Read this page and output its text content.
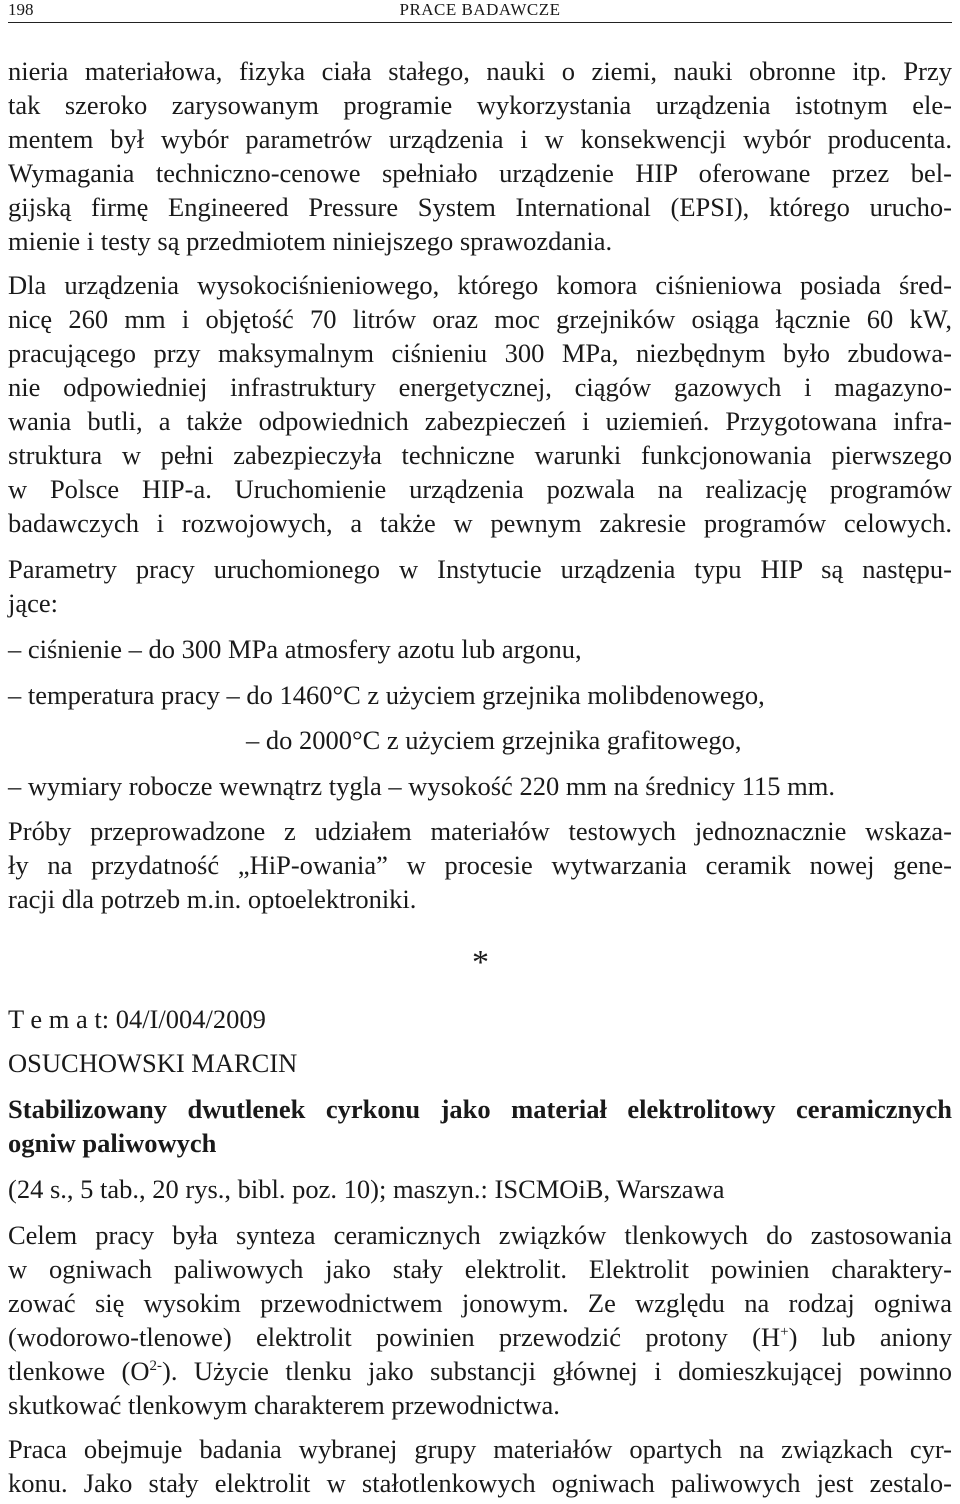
198	PRACE BADAWCZE
nieria materiałowa, fizyka ciała stałego, nauki o ziemi, nauki obronne itp. Przy
tak szeroko zarysowanym programie wykorzystania urządzenia istotnym ele-
mentem był wybór parametrów urządzenia i w konsekwencji wybór producenta.
Wymagania techniczno-cenowe spełniało urządzenie HIP oferowane przez bel-
gijską firmę Engineered Pressure System International (EPSI), którego urucho-
mienie i testy są przedmiotem niniejszego sprawozdania.
Dla urządzenia wysokociśnieniowego, którego komora ciśnieniowa posiada śred-
nicę 260 mm i objętość 70 litrów oraz moc grzejników osiąga łącznie 60 kW,
pracującego przy maksymalnym ciśnieniu 300 MPa, niezbędnym było zbudowa-
nie odpowiedniej infrastruktury energetycznej, ciągów gazowych i magazyno-
wania butli, a także odpowiednich zabezpieczeń i uziemień. Przygotowana infra-
struktura w pełni zabezpieczyła techniczne warunki funkcjonowania pierwszego
w Polsce HIP-a. Uruchomienie urządzenia pozwala na realizację programów
badawczych i rozwojowych, a także w pewnym zakresie programów celowych.
Parametry pracy uruchomionego w Instytucie urządzenia typu HIP są następu-
jące:
– ciśnienie – do 300 MPa atmosfery azotu lub argonu,
– temperatura pracy – do 1460°C z użyciem grzejnika molibdenowego,
– do 2000°C z użyciem grzejnika grafitowego,
– wymiary robocze wewnątrz tygla – wysokość 220 mm na średnicy 115 mm.
Próby przeprowadzone z udziałem materiałów testowych jednoznacznie wskaza-
ły na przydatność „HiP-owania” w procesie wytwarzania ceramik nowej gene-
racji dla potrzeb m.in. optoelektroniki.
*
T e m a t: 04/I/004/2009
OSUCHOWSKI MARCIN
Stabilizowany dwutlenek cyrkonu jako materiał elektrolitowy ceramicznych
ogniw paliwowych
(24 s., 5 tab., 20 rys., bibl. poz. 10); maszyn.: ISCMOiB, Warszawa
Celem pracy była synteza ceramicznych związków tlenkowych do zastosowania
w ogniwach paliwowych jako stały elektrolit. Elektrolit powinien charaktery-
zować się wysokim przewodnictwem jonowym. Ze względu na rodzaj ogniwa
(wodorowo-tlenowe) elektrolit powinien przewodzić protony (H+) lub aniony
tlenkowe $(O^{2-})$. Użycie tlenku jako substancji głównej i domieszkującej powinno
skutkować tlenkowym charakterem przewodnictwa.
Praca obejmuje badania wybranej grupy materiałów opartych na związkach cyr-
konu. Jako stały elektrolit w stałotlenkowych ogniwach paliwowych jest zestalo-
